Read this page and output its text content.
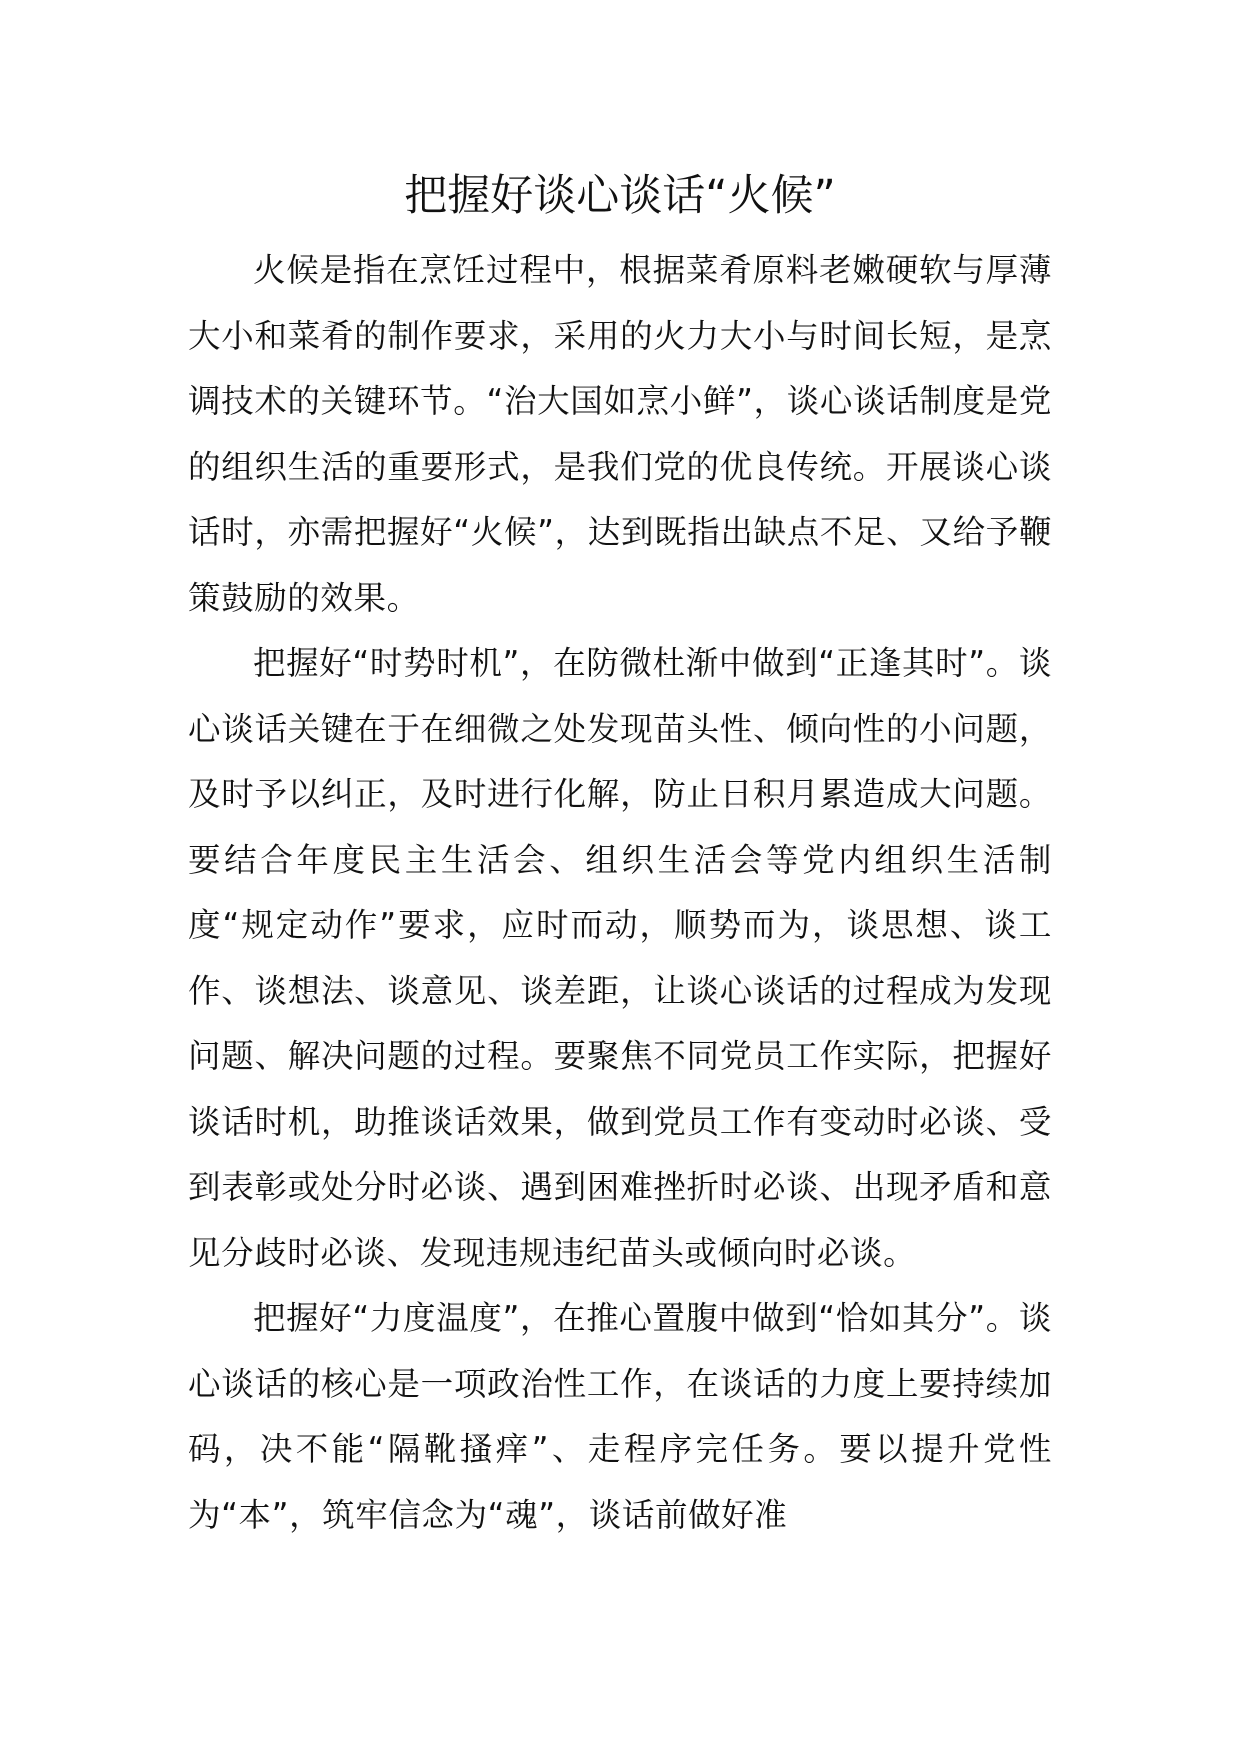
把握好谈心谈话“火候”

火候是指在烹饪过程中，根据菜肴原料老嫩硬软与厚薄大小和菜肴的制作要求，采用的火力大小与时间长短，是烹调技术的关键环节。“治大国如烹小鲜”，谈心谈话制度是党的组织生活的重要形式，是我们党的优良传统。开展谈心谈话时，亦需把握好“火候”，达到既指出缺点不足、又给予鞭策鼓励的效果。

把握好“时势时机”，在防微杜渐中做到“正逢其时”。谈心谈话关键在于在细微之处发现苗头性、倾向性的小问题，及时予以纠正，及时进行化解，防止日积月累造成大问题。要结合年度民主生活会、组织生活会等党内组织生活制度“规定动作”要求，应时而动，顺势而为，谈思想、谈工作、谈想法、谈意见、谈差距，让谈心谈话的过程成为发现问题、解决问题的过程。要聚焦不同党员工作实际，把握好谈话时机，助推谈话效果，做到党员工作有变动时必谈、受到表彰或处分时必谈、遇到困难挫折时必谈、出现矛盾和意见分歧时必谈、发现违规违纪苗头或倾向时必谈。

把握好“力度温度”，在推心置腹中做到“恰如其分”。谈心谈话的核心是一项政治性工作，在谈话的力度上要持续加码，决不能“隔靴搔痒”、走程序完任务。要以提升党性为“本”，筑牢信念为“魂”，谈话前做好准
